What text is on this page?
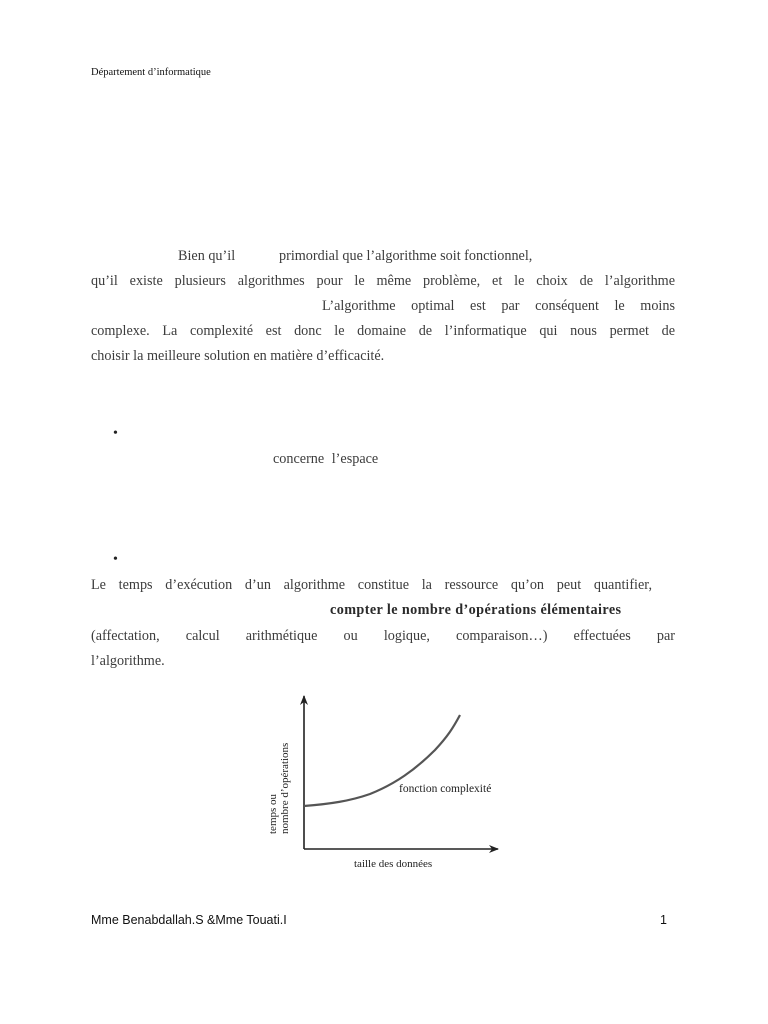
Département d’informatique
Bien qu’il	primordial que l’algorithme soit fonctionnel,
qu’il existe plusieurs algorithmes pour le même problème, et le choix de l’algorithme
L’algorithme optimal est par conséquent le moins
complexe. La complexité est donc le domaine de l’informatique qui nous permet de
choisir la meilleure solution en matière d’efficacité.
•
concerne l’espace
•
Le temps d’exécution d’un algorithme constitue la ressource qu’on peut quantifier,
compter le nombre d’opérations élémentaires
(affectation, calcul arithmétique ou logique, comparaison…) effectuées par
l’algorithme.
fonction complexité
taille des données
temps ou nombre d’opérations
Mme Benabdallah.S &Mme Touati.I	1
